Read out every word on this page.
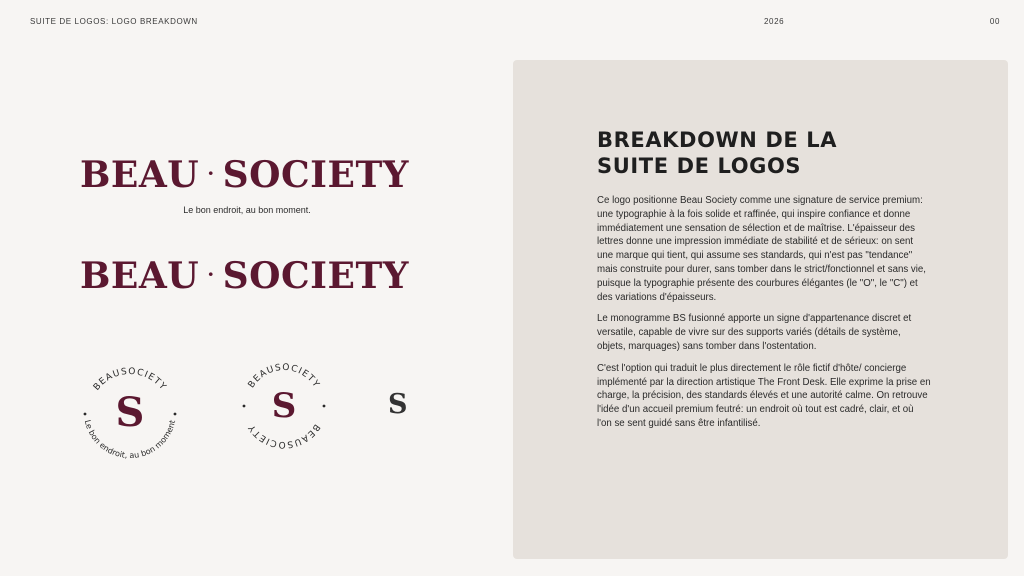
SUITE DE LOGOS: LOGO BREAKDOWN	2026	00
BEAU · SOCIETY
Le bon endroit, au bon moment.
BEAU · SOCIETY
BEAUSOCIETY
Le bon endroit, au bon moment
S
BEAUSOCIETY
BEAUSOCIETY
S	S
BREAKDOWN DE LA
SUITE DE LOGOS

Ce logo positionne Beau Society comme une signature de service premium: une typographie à la fois solide et raffinée, qui inspire confiance et donne immédiatement une sensation de sélection et de maîtrise. L'épaisseur des lettres donne une impression immédiate de stabilité et de sérieux: on sent une marque qui tient, qui assume ses standards, qui n'est pas "tendance" mais construite pour durer, sans tomber dans le strict/fonctionnel et sans vie, puisque la typographie présente des courbures élégantes (le "O", le "C") et des variations d'épaisseurs.

Le monogramme BS fusionné apporte un signe d'appartenance discret et versatile, capable de vivre sur des supports variés (détails de système, objets, marquages) sans tomber dans l'ostentation.

C'est l'option qui traduit le plus directement le rôle fictif d'hôte/ concierge implémenté par la direction artistique The Front Desk. Elle exprime la prise en charge, la précision, des standards élevés et une autorité calme. On retrouve l'idée d'un accueil premium feutré: un endroit où tout est cadré, clair, et où l'on se sent guidé sans être infantilisé.
